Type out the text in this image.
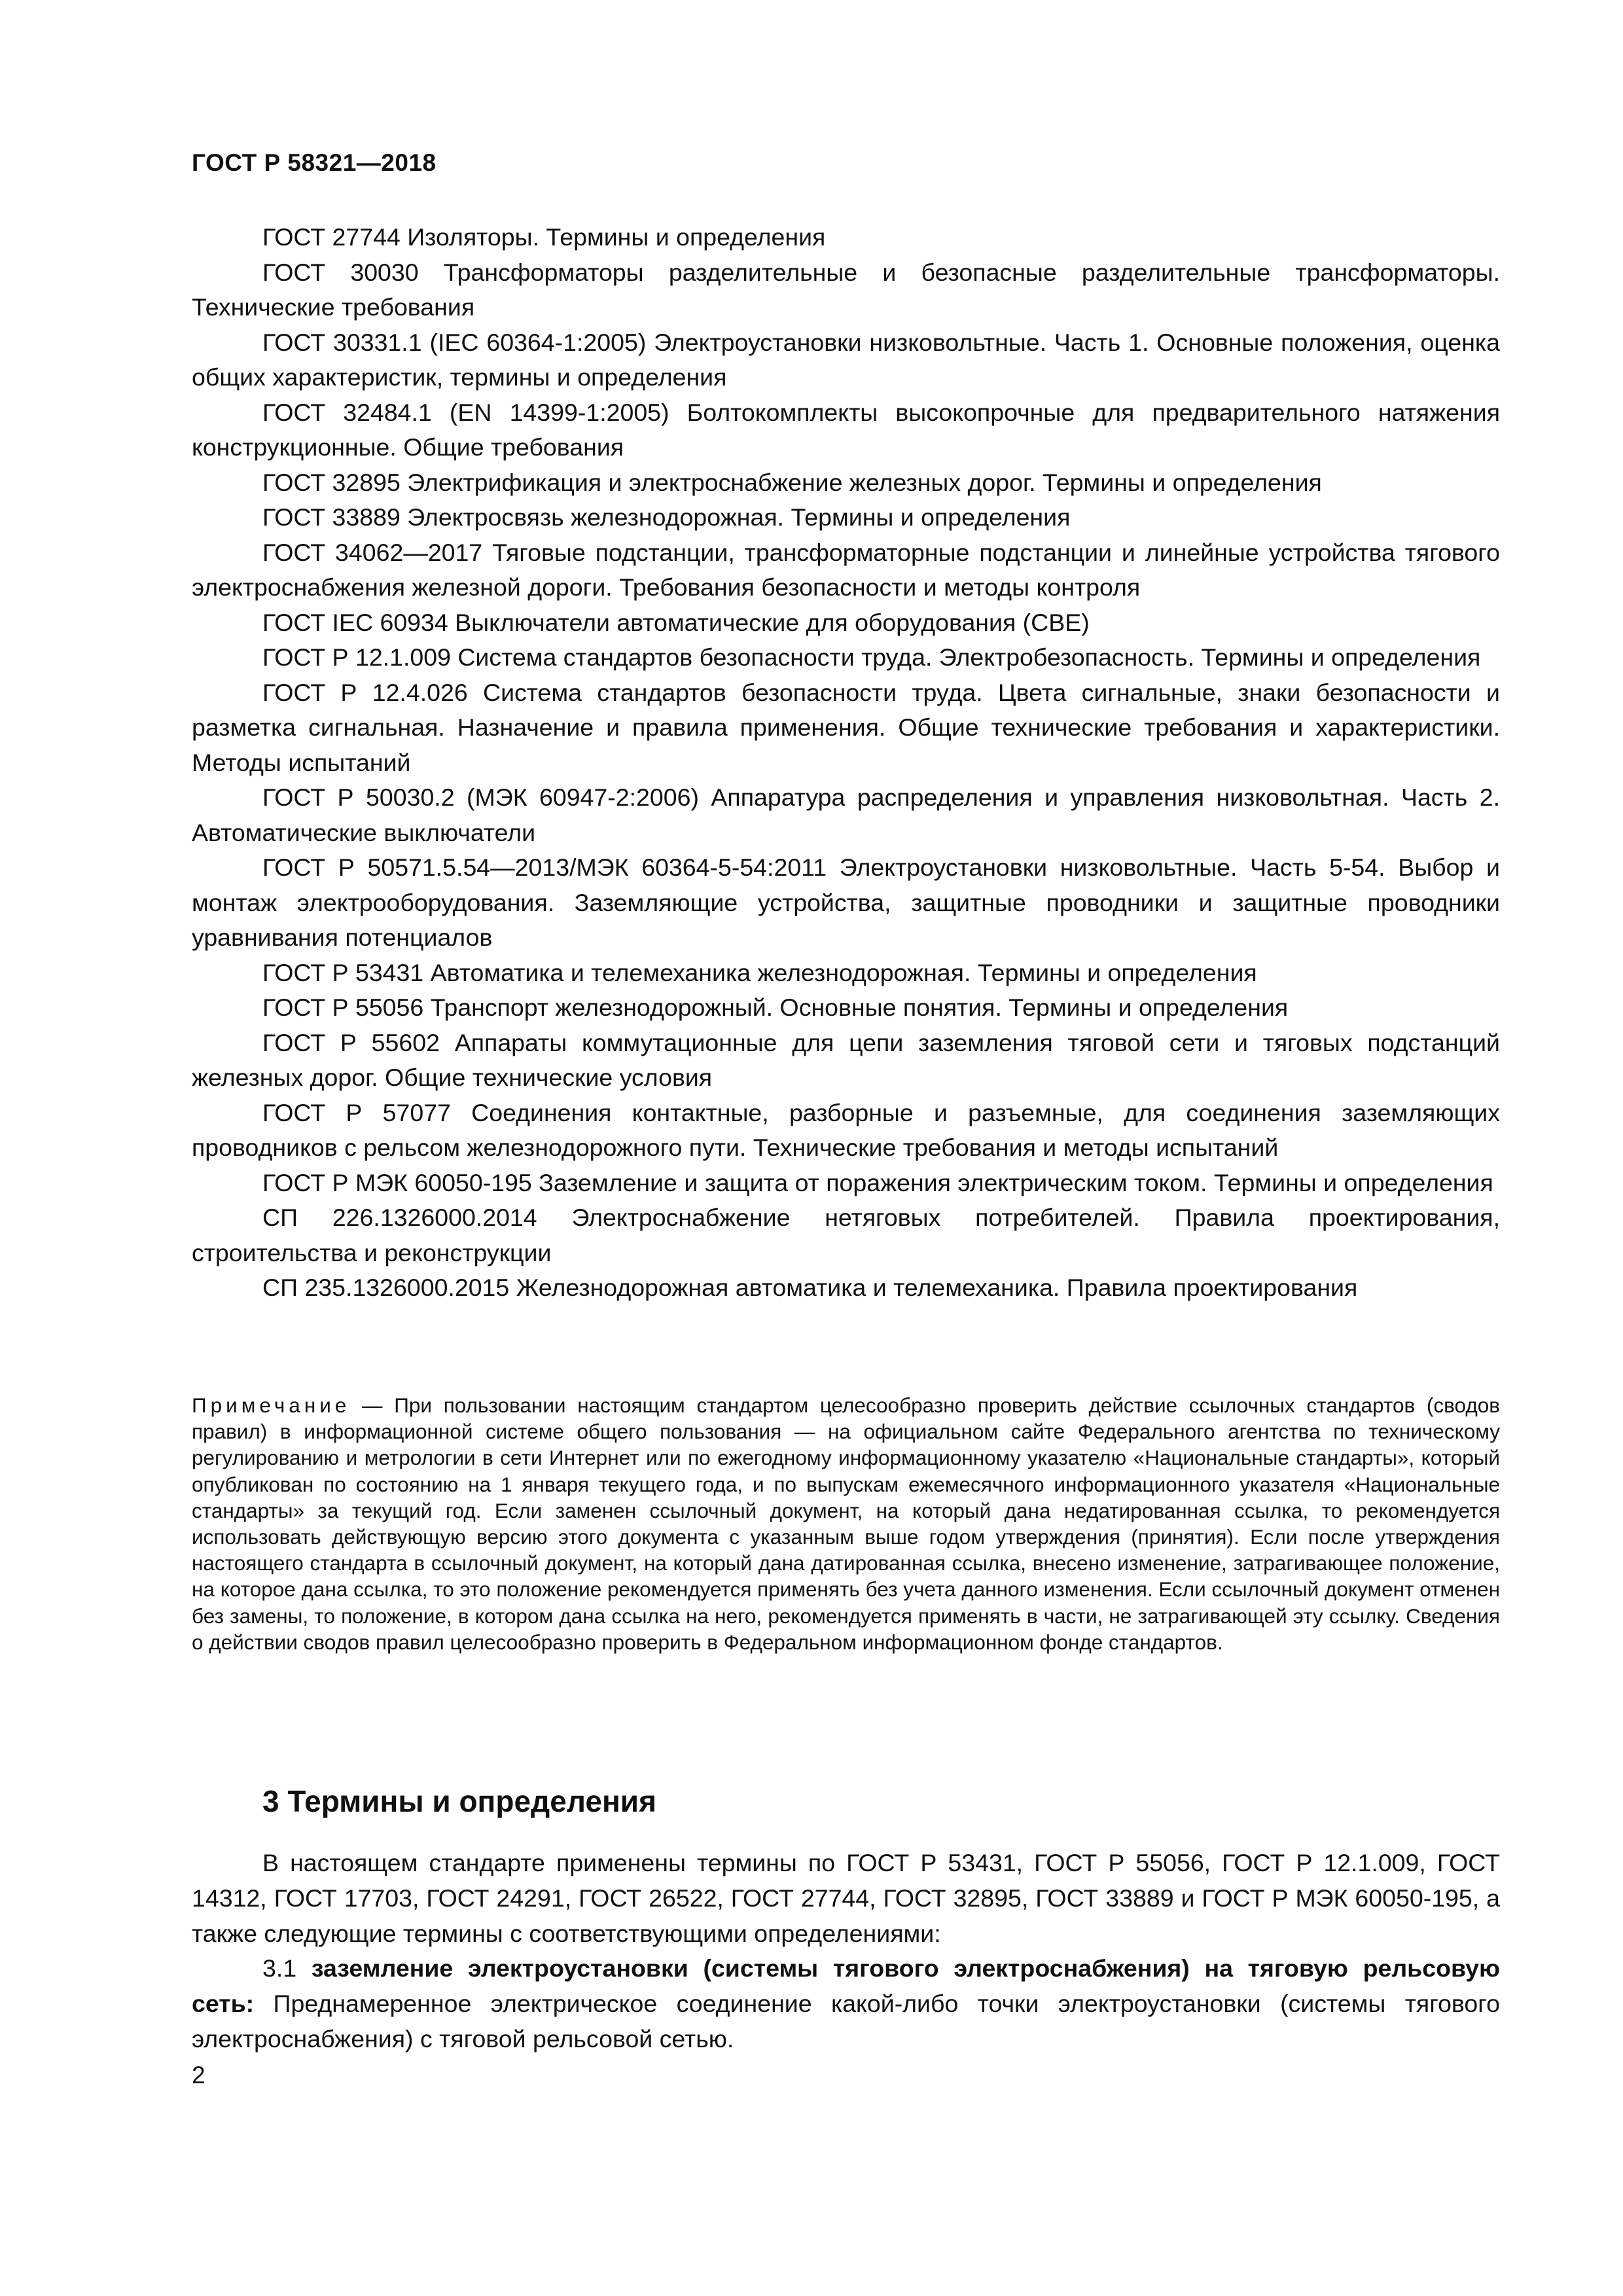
ГОСТ Р 58321—2018

ГОСТ 27744 Изоляторы. Термины и определения

ГОСТ 30030 Трансформаторы разделительные и безопасные разделительные трансформаторы. Технические требования

ГОСТ 30331.1 (IEC 60364-1:2005) Электроустановки низковольтные. Часть 1. Основные положения, оценка общих характеристик, термины и определения

ГОСТ 32484.1 (EN 14399-1:2005) Болтокомплекты высокопрочные для предварительного натяжения конструкционные. Общие требования

ГОСТ 32895 Электрификация и электроснабжение железных дорог. Термины и определения

ГОСТ 33889 Электросвязь железнодорожная. Термины и определения

ГОСТ 34062—2017 Тяговые подстанции, трансформаторные подстанции и линейные устройства тягового электроснабжения железной дороги. Требования безопасности и методы контроля

ГОСТ IEC 60934 Выключатели автоматические для оборудования (CBE)

ГОСТ Р 12.1.009 Система стандартов безопасности труда. Электробезопасность. Термины и определения

ГОСТ Р 12.4.026 Система стандартов безопасности труда. Цвета сигнальные, знаки безопасности и разметка сигнальная. Назначение и правила применения. Общие технические требования и характеристики. Методы испытаний

ГОСТ Р 50030.2 (МЭК 60947-2:2006) Аппаратура распределения и управления низковольтная. Часть 2. Автоматические выключатели

ГОСТ Р 50571.5.54—2013/МЭК 60364-5-54:2011 Электроустановки низковольтные. Часть 5-54. Выбор и монтаж электрооборудования. Заземляющие устройства, защитные проводники и защитные проводники уравнивания потенциалов

ГОСТ Р 53431 Автоматика и телемеханика железнодорожная. Термины и определения

ГОСТ Р 55056 Транспорт железнодорожный. Основные понятия. Термины и определения

ГОСТ Р 55602 Аппараты коммутационные для цепи заземления тяговой сети и тяговых подстанций железных дорог. Общие технические условия

ГОСТ Р 57077 Соединения контактные, разборные и разъемные, для соединения заземляющих проводников с рельсом железнодорожного пути. Технические требования и методы испытаний

ГОСТ Р МЭК 60050-195 Заземление и защита от поражения электрическим током. Термины и определения

СП 226.1326000.2014 Электроснабжение нетяговых потребителей. Правила проектирования, строительства и реконструкции

СП 235.1326000.2015 Железнодорожная автоматика и телемеханика. Правила проектирования

Примечание — При пользовании настоящим стандартом целесообразно проверить действие ссылочных стандартов (сводов правил) в информационной системе общего пользования — на официальном сайте Федерального агентства по техническому регулированию и метрологии в сети Интернет или по ежегодному информационному указателю «Национальные стандарты», который опубликован по состоянию на 1 января текущего года, и по выпускам ежемесячного информационного указателя «Национальные стандарты» за текущий год. Если заменен ссылочный документ, на который дана недатированная ссылка, то рекомендуется использовать действующую версию этого документа с указанным выше годом утверждения (принятия). Если после утверждения настоящего стандарта в ссылочный документ, на который дана датированная ссылка, внесено изменение, затрагивающее положение, на которое дана ссылка, то это положение рекомендуется применять без учета данного изменения. Если ссылочный документ отменен без замены, то положение, в котором дана ссылка на него, рекомендуется применять в части, не затрагивающей эту ссылку. Сведения о действии сводов правил целесообразно проверить в Федеральном информационном фонде стандартов.
3 Термины и определения

В настоящем стандарте применены термины по ГОСТ Р 53431, ГОСТ Р 55056, ГОСТ Р 12.1.009, ГОСТ 14312, ГОСТ 17703, ГОСТ 24291, ГОСТ 26522, ГОСТ 27744, ГОСТ 32895, ГОСТ 33889 и ГОСТ Р МЭК 60050-195, а также следующие термины с соответствующими определениями:

3.1 заземление электроустановки (системы тягового электроснабжения) на тяговую рельсовую сеть: Преднамеренное электрическое соединение какой-либо точки электроустановки (системы тягового электроснабжения) с тяговой рельсовой сетью.

2
